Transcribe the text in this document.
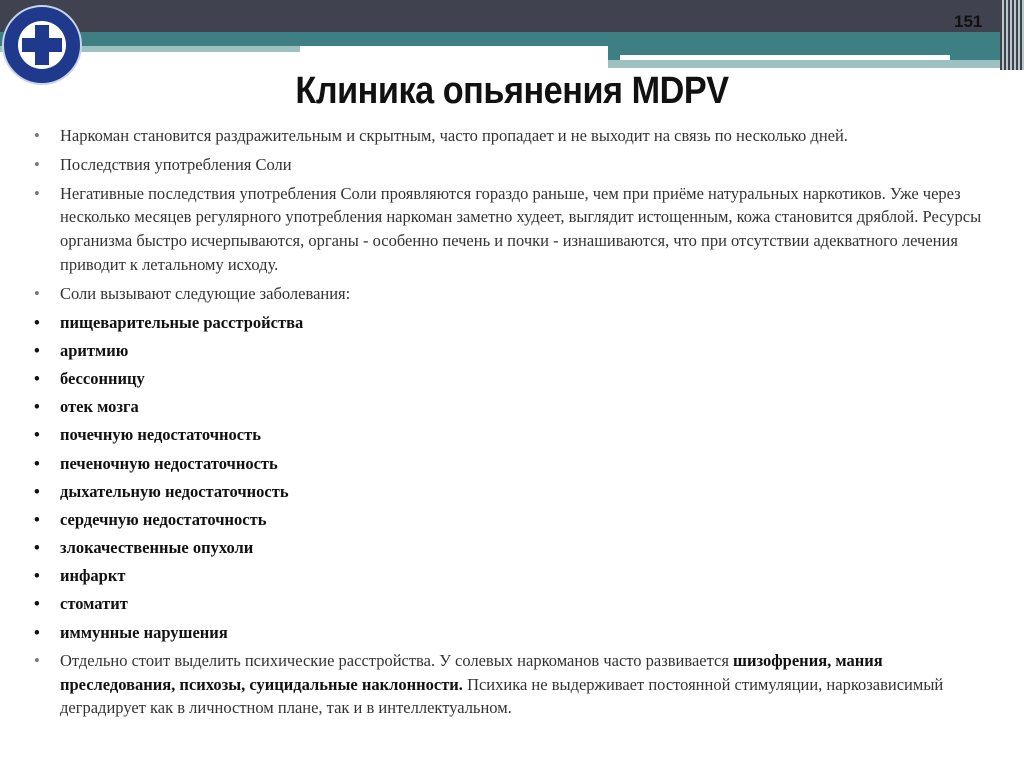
151
Клиника опьянения MDPV
• Наркоман становится раздражительным и скрытным, часто пропадает и не выходит на связь по несколько дней.
• Последствия употребления Соли
• Негативные последствия употребления Соли проявляются гораздо раньше, чем при приёме натуральных наркотиков. Уже через несколько месяцев регулярного употребления наркоман заметно худеет, выглядит истощенным, кожа становится дряблой. Ресурсы организма быстро исчерпываются, органы - особенно печень и почки - изнашиваются, что при отсутствии адекватного лечения приводит к летальному исходу.
• Соли вызывают следующие заболевания:
• пищеварительные расстройства
• аритмию
• бессонницу
• отек мозга
• почечную недостаточность
• печеночную недостаточность
• дыхательную недостаточность
• сердечную недостаточность
• злокачественные опухоли
• инфаркт
• стоматит
• иммунные нарушения
• Отдельно стоит выделить психические расстройства. У солевых наркоманов часто развивается шизофрения, мания преследования, психозы, суицидальные наклонности. Психика не выдерживает постоянной стимуляции, наркозависимый деградирует как в личностном плане, так и в интеллектуальном.
